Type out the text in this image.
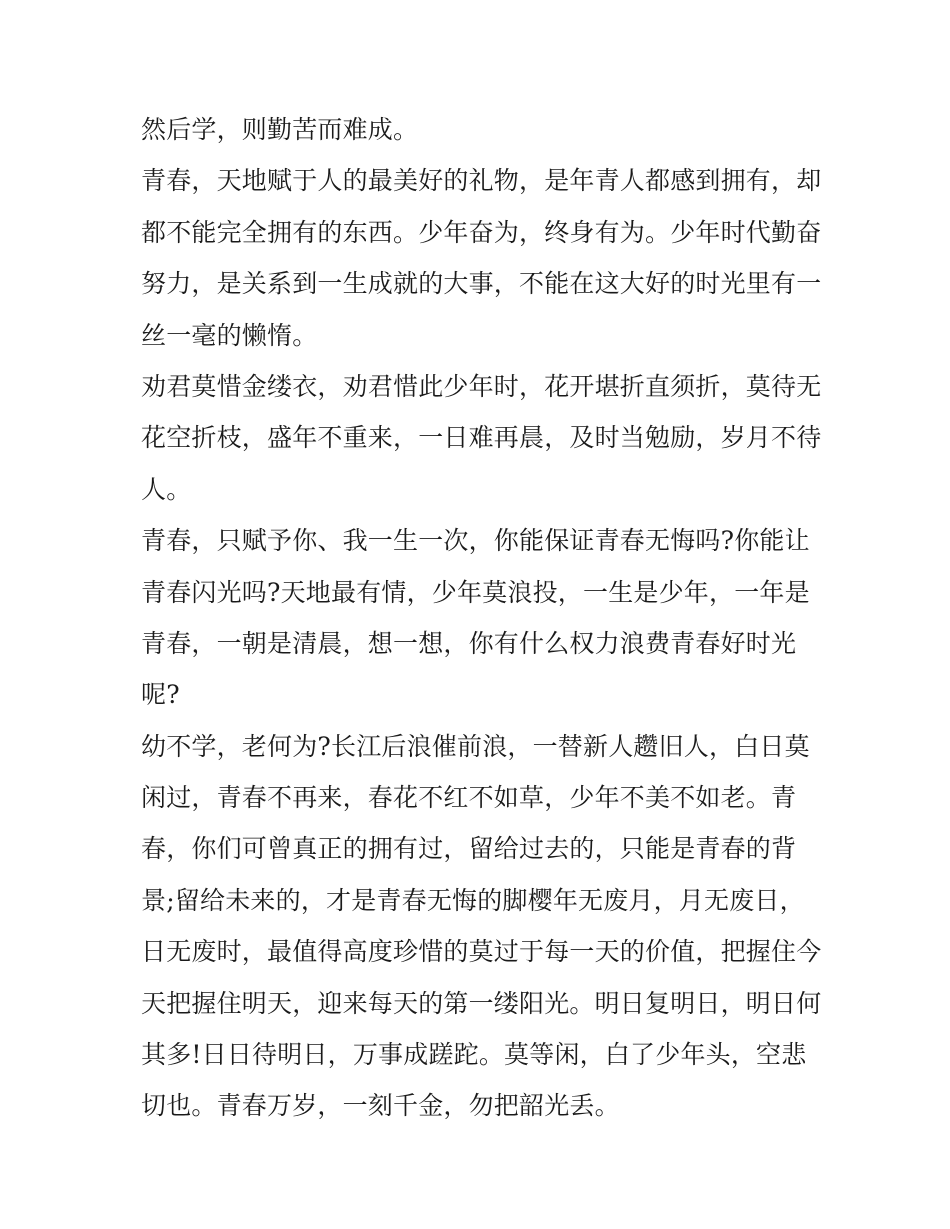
然后学，则勤苦而难成。
青春，天地赋于人的最美好的礼物，是年青人都感到拥有，却
都不能完全拥有的东西。少年奋为，终身有为。少年时代勤奋
努力，是关系到一生成就的大事，不能在这大好的时光里有一
丝一毫的懒惰。
劝君莫惜金缕衣，劝君惜此少年时，花开堪折直须折，莫待无
花空折枝，盛年不重来，一日难再晨，及时当勉励，岁月不待
人。
青春，只赋予你、我一生一次，你能保证青春无悔吗?你能让
青春闪光吗?天地最有情，少年莫浪投，一生是少年，一年是
青春，一朝是清晨，想一想，你有什么权力浪费青春好时光
呢?
幼不学，老何为?长江后浪催前浪，一替新人趱旧人，白日莫
闲过，青春不再来，春花不红不如草，少年不美不如老。青
春，你们可曾真正的拥有过，留给过去的，只能是青春的背
景;留给未来的，才是青春无悔的脚樱年无废月，月无废日，
日无废时，最值得高度珍惜的莫过于每一天的价值，把握住今
天把握住明天，迎来每天的第一缕阳光。明日复明日，明日何
其多!日日待明日，万事成蹉跎。莫等闲，白了少年头，空悲
切也。青春万岁，一刻千金，勿把韶光丢。
